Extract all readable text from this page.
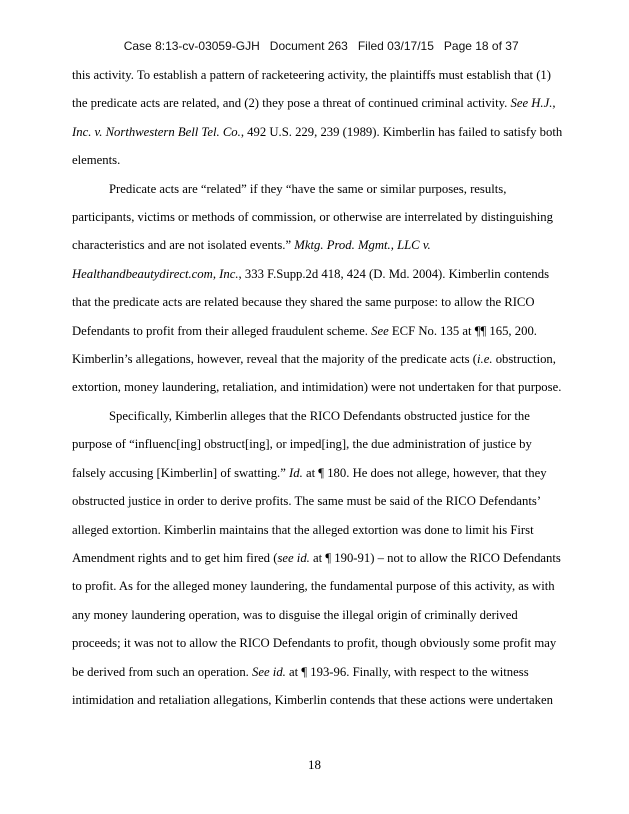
Case 8:13-cv-03059-GJH   Document 263   Filed 03/17/15   Page 18 of 37

this activity. To establish a pattern of racketeering activity, the plaintiffs must establish that (1)
the predicate acts are related, and (2) they pose a threat of continued criminal activity. See H.J.,
Inc. v. Northwestern Bell Tel. Co., 492 U.S. 229, 239 (1989). Kimberlin has failed to satisfy both
elements.
Predicate acts are “related” if they “have the same or similar purposes, results,
participants, victims or methods of commission, or otherwise are interrelated by distinguishing
characteristics and are not isolated events.” Mktg. Prod. Mgmt., LLC v.
Healthandbeautydirect.com, Inc., 333 F.Supp.2d 418, 424 (D. Md. 2004). Kimberlin contends
that the predicate acts are related because they shared the same purpose: to allow the RICO
Defendants to profit from their alleged fraudulent scheme. See ECF No. 135 at ¶¶ 165, 200.
Kimberlin’s allegations, however, reveal that the majority of the predicate acts (i.e. obstruction,
extortion, money laundering, retaliation, and intimidation) were not undertaken for that purpose.
Specifically, Kimberlin alleges that the RICO Defendants obstructed justice for the
purpose of “influenc[ing] obstruct[ing], or imped[ing], the due administration of justice by
falsely accusing [Kimberlin] of swatting.” Id. at ¶ 180. He does not allege, however, that they
obstructed justice in order to derive profits. The same must be said of the RICO Defendants’
alleged extortion. Kimberlin maintains that the alleged extortion was done to limit his First
Amendment rights and to get him fired (see id. at ¶ 190-91) – not to allow the RICO Defendants
to profit. As for the alleged money laundering, the fundamental purpose of this activity, as with
any money laundering operation, was to disguise the illegal origin of criminally derived
proceeds; it was not to allow the RICO Defendants to profit, though obviously some profit may
be derived from such an operation. See id. at ¶ 193-96. Finally, with respect to the witness
intimidation and retaliation allegations, Kimberlin contends that these actions were undertaken
18
